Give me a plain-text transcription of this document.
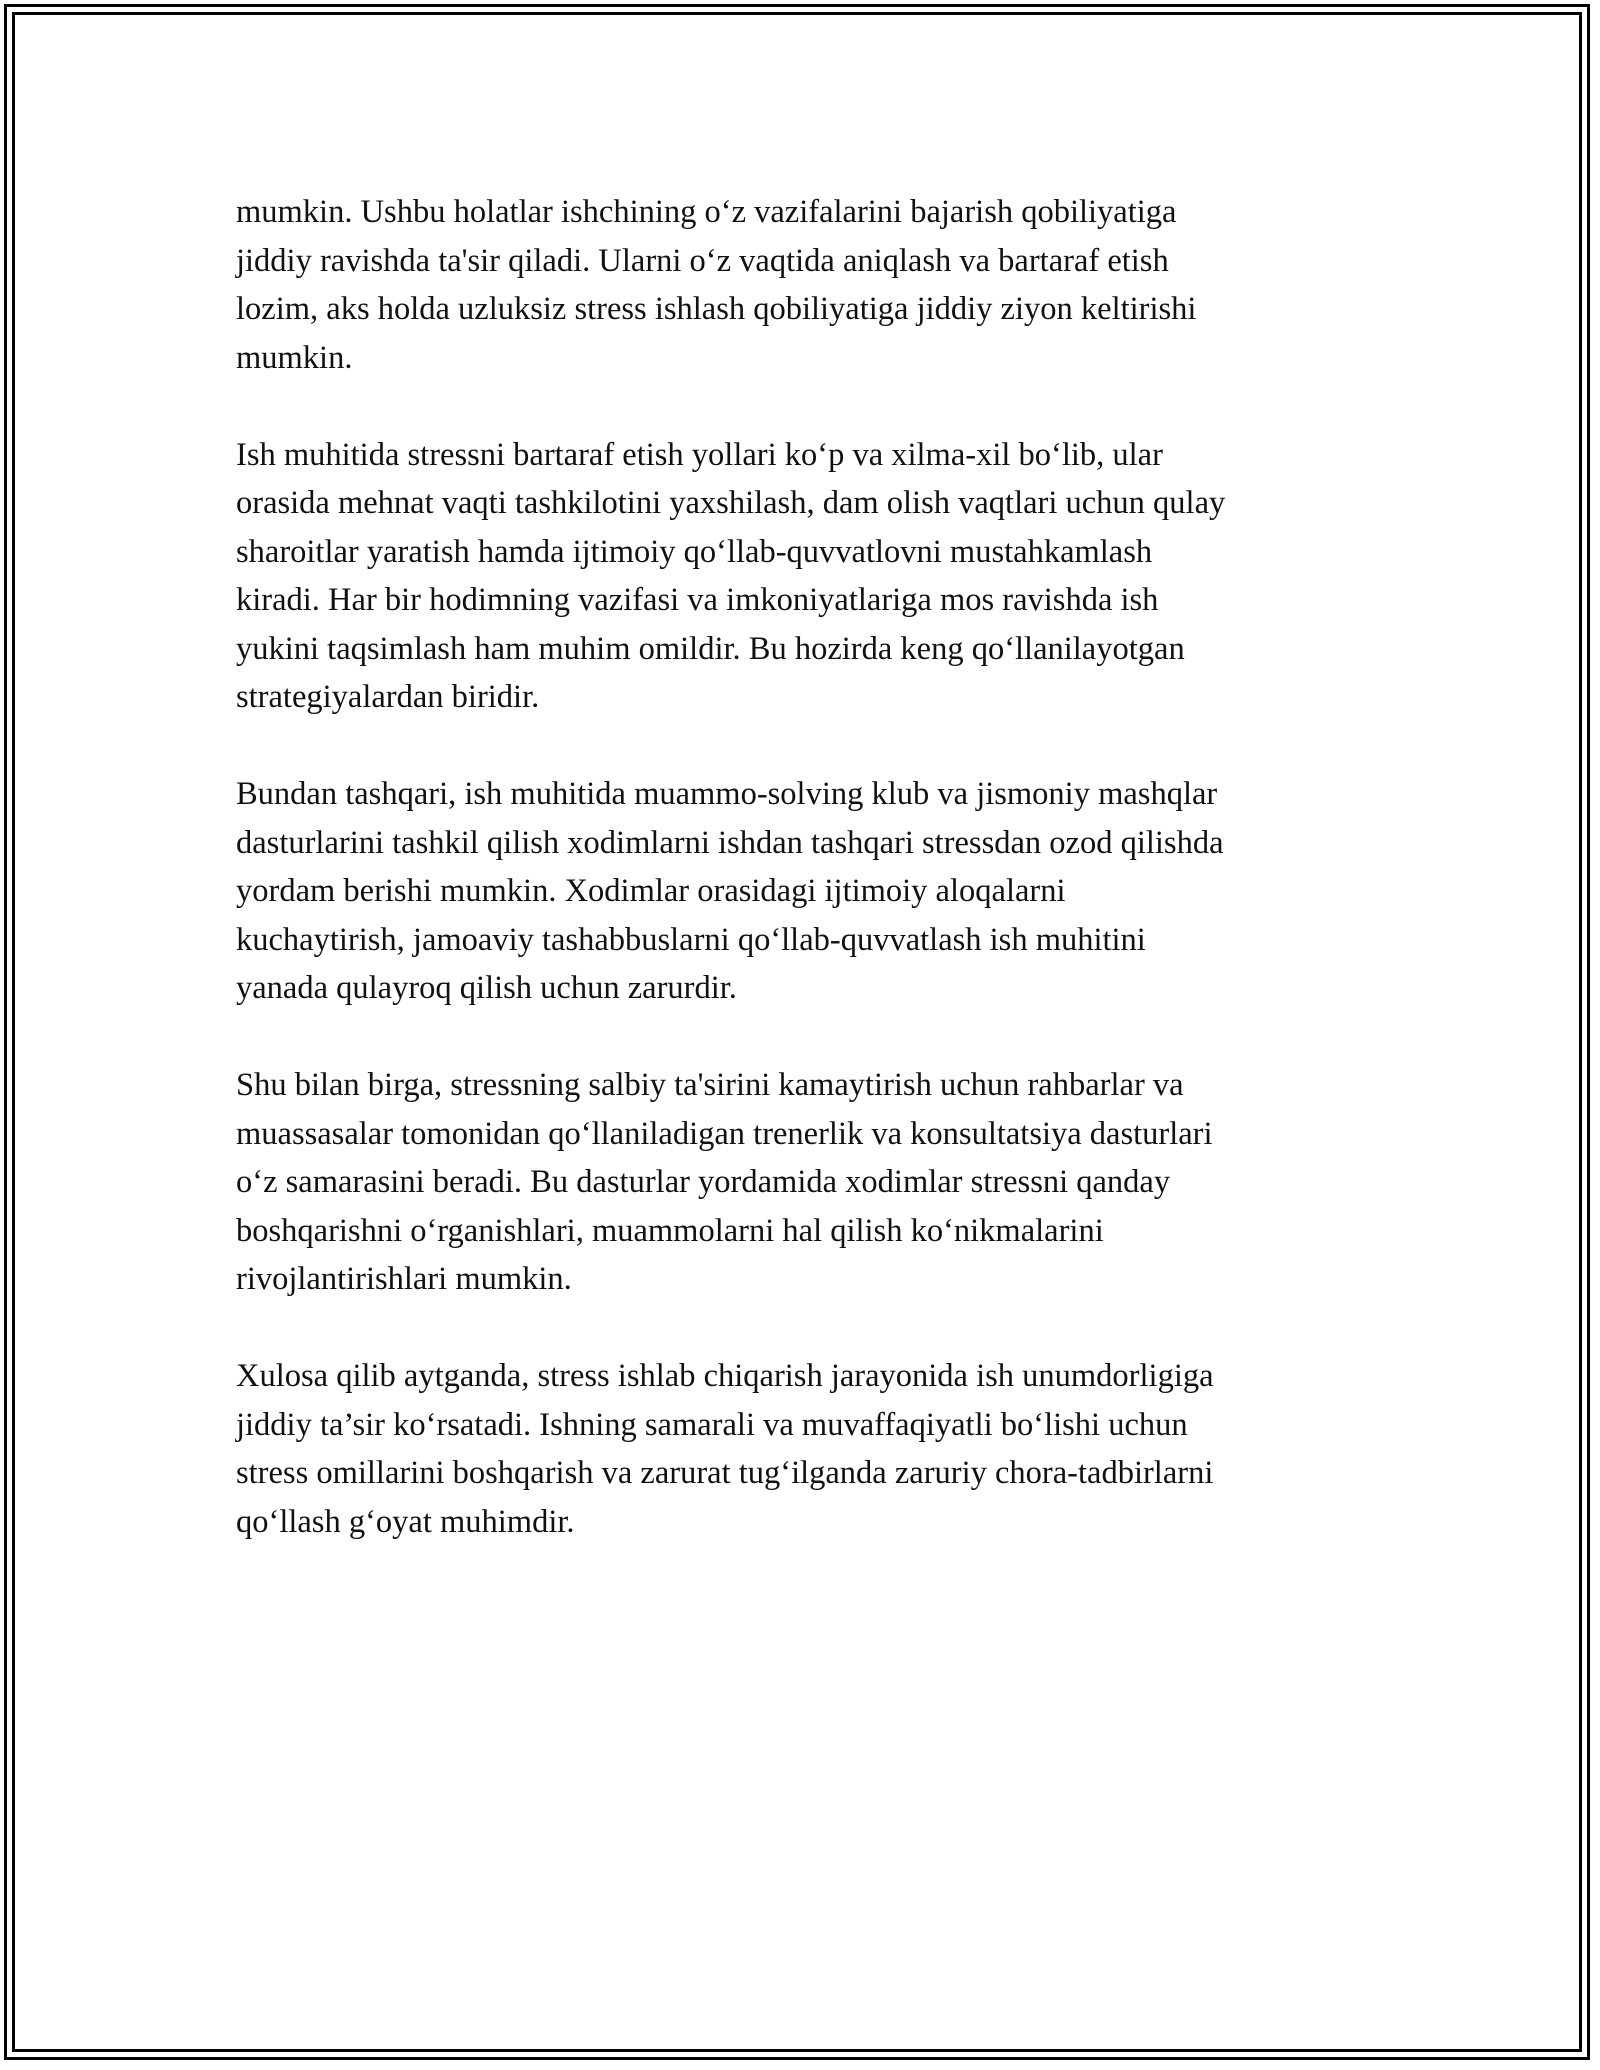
mumkin. Ushbu holatlar ishchining o‘z vazifalarini bajarish qobiliyatiga
jiddiy ravishda ta'sir qiladi. Ularni o‘z vaqtida aniqlash va bartaraf etish
lozim, aks holda uzluksiz stress ishlash qobiliyatiga jiddiy ziyon keltirishi
mumkin.

Ish muhitida stressni bartaraf etish yollari ko‘p va xilma-xil bo‘lib, ular
orasida mehnat vaqti tashkilotini yaxshilash, dam olish vaqtlari uchun qulay
sharoitlar yaratish hamda ijtimoiy qo‘llab-quvvatlovni mustahkamlash
kiradi. Har bir hodimning vazifasi va imkoniyatlariga mos ravishda ish
yukini taqsimlash ham muhim omildir. Bu hozirda keng qo‘llanilayotgan
strategiyalardan biridir.

Bundan tashqari, ish muhitida muammo-solving klub va jismoniy mashqlar
dasturlarini tashkil qilish xodimlarni ishdan tashqari stressdan ozod qilishda
yordam berishi mumkin. Xodimlar orasidagi ijtimoiy aloqalarni
kuchaytirish, jamoaviy tashabbuslarni qo‘llab-quvvatlash ish muhitini
yanada qulayroq qilish uchun zarurdir.

Shu bilan birga, stressning salbiy ta'sirini kamaytirish uchun rahbarlar va
muassasalar tomonidan qo‘llaniladigan trenerlik va konsultatsiya dasturlari
o‘z samarasini beradi. Bu dasturlar yordamida xodimlar stressni qanday
boshqarishni o‘rganishlari, muammolarni hal qilish ko‘nikmalarini
rivojlantirishlari mumkin.

Xulosa qilib aytganda, stress ishlab chiqarish jarayonida ish unumdorligiga
jiddiy ta’sir ko‘rsatadi. Ishning samarali va muvaffaqiyatli bo‘lishi uchun
stress omillarini boshqarish va zarurat tug‘ilganda zaruriy chora-tadbirlarni
qo‘llash g‘oyat muhimdir.
